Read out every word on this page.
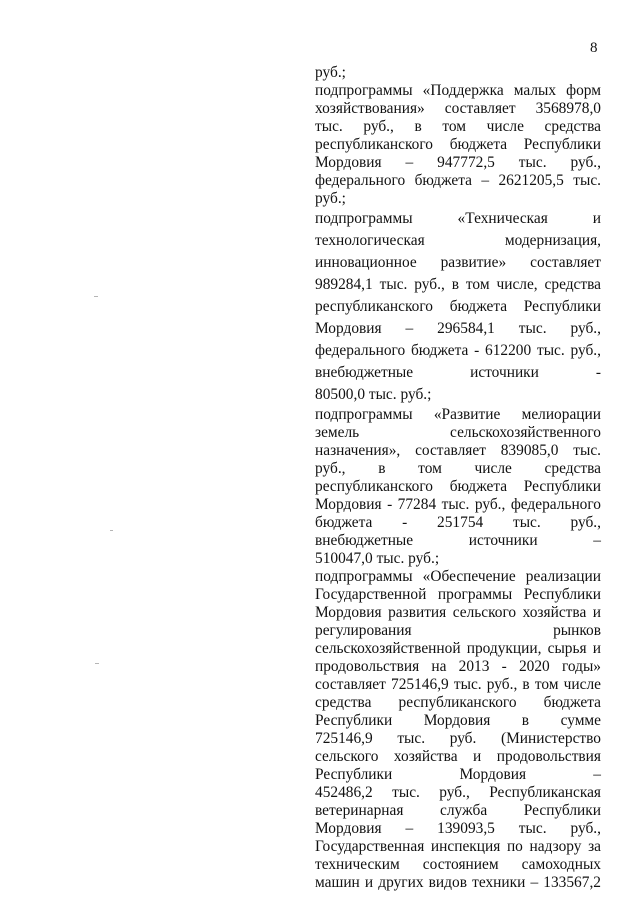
8
руб.;
подпрограммы «Поддержка малых форм
хозяйствования» составляет 3568978,0
тыс. руб., в том числе средства
республиканского бюджета Республики
Мордовия – 947772,5 тыс. руб.,
федерального бюджета – 2621205,5 тыс.
руб.;
подпрограммы «Техническая и
технологическая модернизация,
инновационное развитие» составляет
989284,1 тыс. руб., в том числе, средства
республиканского бюджета Республики
Мордовия – 296584,1 тыс. руб.,
федерального бюджета - 612200 тыс. руб.,
внебюджетные источники -
80500,0 тыс. руб.;
подпрограммы «Развитие мелиорации
земель сельскохозяйственного
назначения», составляет 839085,0 тыс.
руб., в том числе средства
республиканского бюджета Республики
Мордовия - 77284 тыс. руб., федерального
бюджета - 251754 тыс. руб.,
внебюджетные источники –
510047,0 тыс. руб.;
подпрограммы «Обеспечение реализации
Государственной программы Республики
Мордовия развития сельского хозяйства и
регулирования рынков
сельскохозяйственной продукции, сырья и
продовольствия на 2013 - 2020 годы»
составляет 725146,9 тыс. руб., в том числе
средства республиканского бюджета
Республики Мордовия в сумме
725146,9 тыс. руб. (Министерство
сельского хозяйства и продовольствия
Республики Мордовия –
452486,2 тыс. руб., Республиканская
ветеринарная служба Республики
Мордовия – 139093,5 тыс. руб.,
Государственная инспекция по надзору за
техническим состоянием самоходных
машин и других видов техники – 133567,2
